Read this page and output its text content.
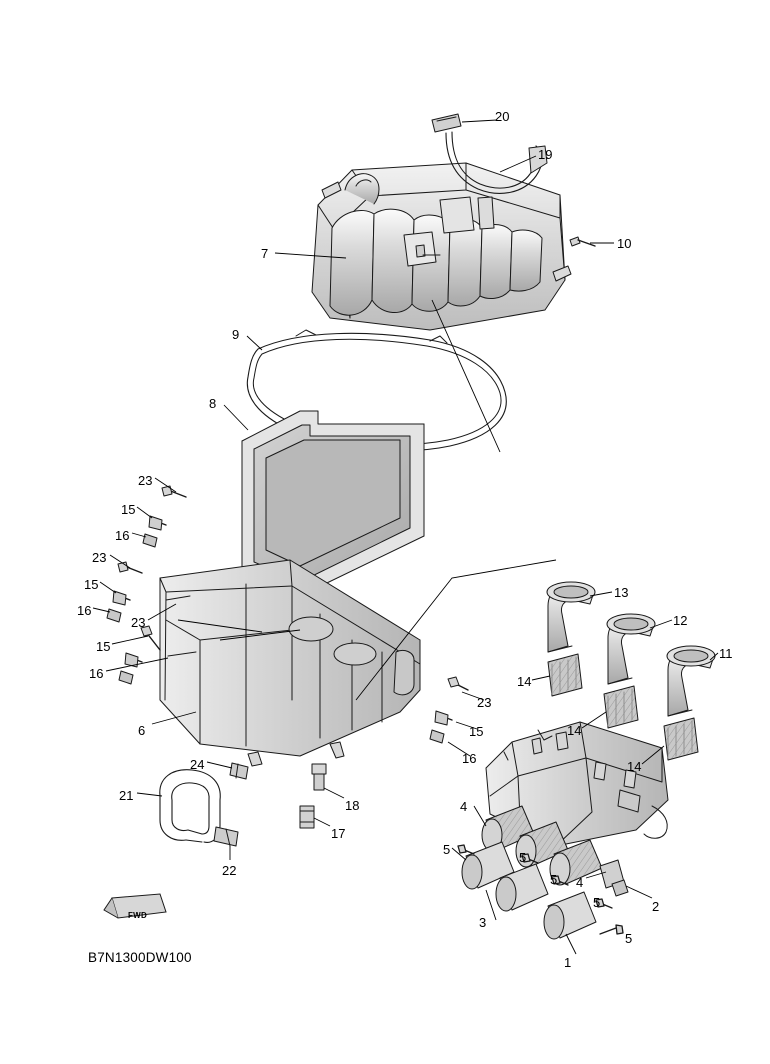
FWD
20
19
10
7
9
8
23
15
16
23
15
16
23
15
16
6
24
21
22
18
17
23
15
16
13
12
11
14
14
14
4
5
5
5 4
3
5	2
5
1
B7N1300DW100
